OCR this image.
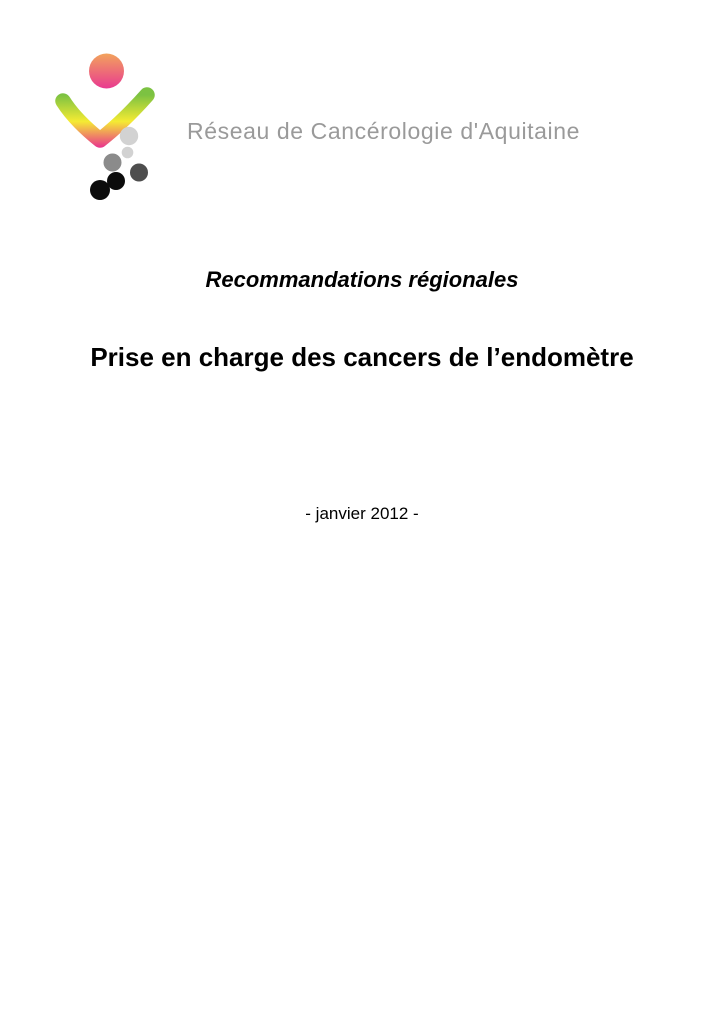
Réseau de Cancérologie d'Aquitaine
Recommandations régionales
Prise en charge des cancers de l’endomètre
- janvier 2012 -
